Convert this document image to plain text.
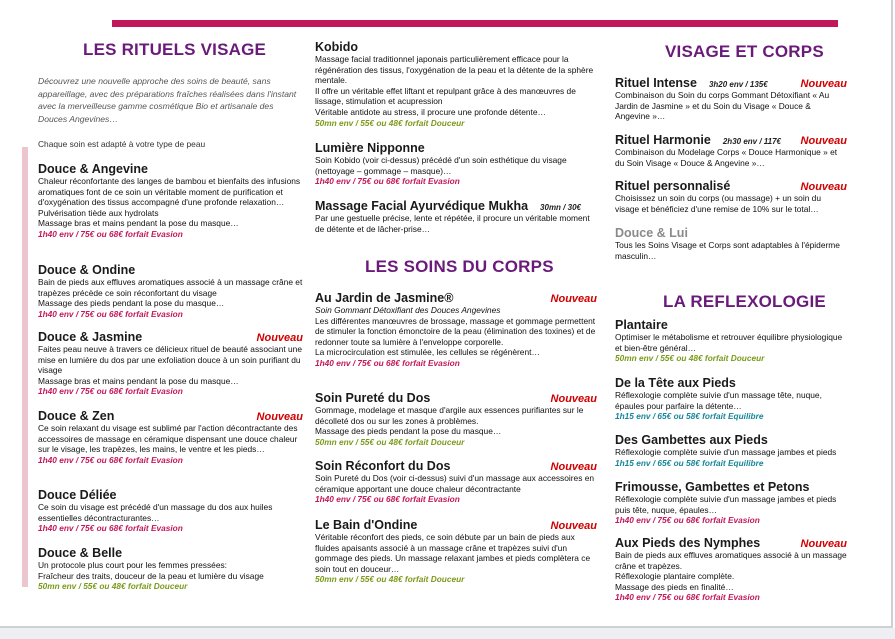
LES RITUELS VISAGE
Découvrez une nouvelle approche des soins de beauté, sans appareillage, avec des préparations fraîches réalisées dans l'instant avec la merveilleuse gamme cosmétique Bio et artisanale des Douces Angevines…
Chaque soin est adapté à votre type de peau
Douce & Angevine
Chaleur réconfortante des langes de bambou et bienfaits des infusions aromatiques font de ce soin un véritable moment de purification et d'oxygénation des tissus accompagné d'une profonde relaxation…
Pulvérisation tiède aux hydrolats
Massage bras et mains pendant la pose du masque…
1h40 env / 75€ ou 68€ forfait Evasion
Douce & Ondine
Bain de pieds aux effluves aromatiques associé à un massage crâne et trapèzes précède ce soin réconfortant du visage
Massage des pieds pendant la pose du masque…
1h40 env / 75€ ou 68€ forfait Evasion
Douce & Jasmine	Nouveau
Faites peau neuve à travers ce délicieux rituel de beauté associant une mise en lumière du dos par une exfoliation douce à un soin purifiant du visage
Massage bras et mains pendant la pose du masque…
1h40 env / 75€ ou 68€ forfait Evasion
Douce & Zen	Nouveau
Ce soin relaxant du visage est sublimé par l'action décontractante des accessoires de massage en céramique dispensant une douce chaleur sur le visage, les trapèzes, les mains, le ventre et les pieds…
1h40 env / 75€ ou 68€ forfait Evasion
Douce Déliée
Ce soin du visage est précédé d'un massage du dos aux huiles essentielles décontracturantes…
1h40 env / 75€ ou 68€ forfait Evasion
Douce & Belle
Un protocole plus court pour les femmes pressées:
Fraîcheur des traits, douceur de la peau et lumière du visage
50mn env / 55€ ou 48€ forfait Douceur
Kobido
Massage facial traditionnel japonais particulièrement efficace pour la régénération des tissus, l'oxygénation de la peau et la détente de la sphère mentale.
Il offre un véritable effet liftant et repulpant grâce à des manœuvres de lissage, stimulation et acupression
Véritable antidote au stress, il procure une profonde détente…
50mn env / 55€ ou 48€ forfait Douceur
Lumière Nipponne
Soin Kobido (voir ci-dessus) précédé d'un soin esthétique du visage (nettoyage – gommage – masque)…
1h40 env / 75€ ou 68€ forfait Evasion
Massage Facial Ayurvédique Mukha 30mn / 30€
Par une gestuelle précise, lente et répétée, il procure un véritable moment de détente et de lâcher-prise…
LES SOINS DU CORPS
Au Jardin de Jasmine®	Nouveau
Soin Gommant Détoxifiant des Douces Angevines
Les différentes manœuvres de brossage, massage et gommage permettent de stimuler la fonction émonctoire de la peau (élimination des toxines) et de redonner toute sa lumière à l'enveloppe corporelle.
La microcirculation est stimulée, les cellules se régénèrent…
1h40 env / 75€ ou 68€ forfait Evasion
Soin Pureté du Dos	Nouveau
Gommage, modelage et masque d'argile aux essences purifiantes sur le décolleté dos ou sur les zones à problèmes.
Massage des pieds pendant la pose du masque…
50mn env / 55€ ou 48€ forfait Douceur
Soin Réconfort du Dos	Nouveau
Soin Pureté du Dos (voir ci-dessus) suivi d'un massage aux accessoires en céramique apportant une douce chaleur décontractante
1h40 env / 75€ ou 68€ forfait Evasion
Le Bain d'Ondine	Nouveau
Véritable réconfort des pieds, ce soin débute par un bain de pieds aux fluides apaisants associé à un massage crâne et trapèzes suivi d'un gommage des pieds. Un massage relaxant jambes et pieds complètera ce soin tout en douceur…
50mn env / 55€ ou 48€ forfait Douceur
VISAGE ET CORPS
Rituel Intense 3h20 env / 135€	Nouveau
Combinaison du Soin du corps Gommant Détoxifiant « Au Jardin de Jasmine » et du Soin du Visage « Douce & Angevine »…
Rituel Harmonie 2h30 env / 117€ Nouveau
Combinaison du Modelage Corps « Douce Harmonique » et du Soin Visage « Douce & Angevine »…
Rituel personnalisé	Nouveau
Choisissez un soin du corps (ou massage) + un soin du visage et bénéficiez d'une remise de 10% sur le total…
Douce & Lui
Tous les Soins Visage et Corps sont adaptables à l'épiderme masculin…
LA REFLEXOLOGIE
Plantaire
Optimiser le métabolisme et retrouver équilibre physiologique et bien-être général…
50mn env / 55€ ou 48€ forfait Douceur
De la Tête aux Pieds
Réflexologie complète suivie d'un massage tête, nuque, épaules pour parfaire la détente…
1h15 env / 65€ ou 58€ forfait Equilibre
Des Gambettes aux Pieds
Réflexologie complète suivie d'un massage jambes et pieds
1h15 env / 65€ ou 58€ forfait Equilibre
Frimousse, Gambettes et Petons
Réflexologie complète suivie d'un massage jambes et pieds puis tête, nuque, épaules…
1h40 env / 75€ ou 68€ forfait Evasion
Aux Pieds des Nymphes	Nouveau
Bain de pieds aux effluves aromatiques associé à un massage crâne et trapèzes.
Réflexologie plantaire complète.
Massage des pieds en finalité…
1h40 env / 75€ ou 68€ forfait Evasion
